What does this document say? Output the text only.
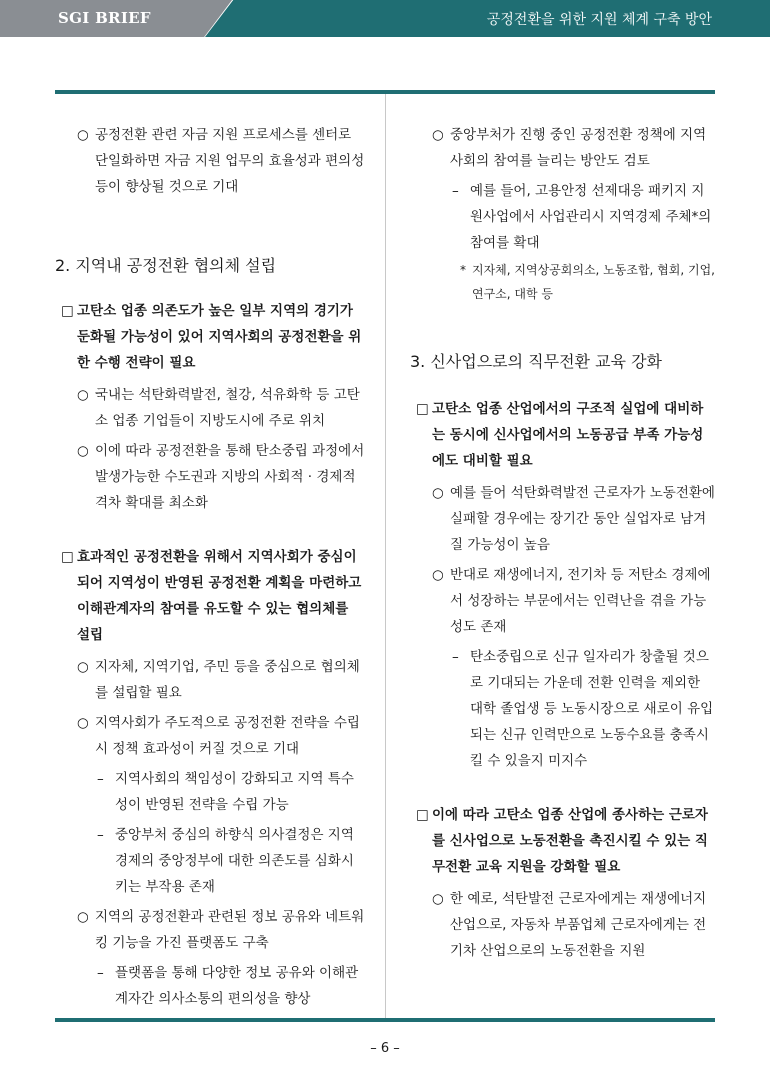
SGI BRIEF	공정전환을 위한 지원 체계 구축 방안
○ 공정전환 관련 자금 지원 프로세스를 센터로 단일화하면 자금 지원 업무의 효율성과 편의성 등이 향상될 것으로 기대
2. 지역내 공정전환 협의체 설립
□ 고탄소 업종 의존도가 높은 일부 지역의 경기가 둔화될 가능성이 있어 지역사회의 공정전환을 위한 수행 전략이 필요
○ 국내는 석탄화력발전, 철강, 석유화학 등 고탄소 업종 기업들이 지방도시에 주로 위치
○ 이에 따라 공정전환을 통해 탄소중립 과정에서 발생가능한 수도권과 지방의 사회적 · 경제적 격차 확대를 최소화
□ 효과적인 공정전환을 위해서 지역사회가 중심이 되어 지역성이 반영된 공정전환 계획을 마련하고 이해관계자의 참여를 유도할 수 있는 협의체를 설립
○ 지자체, 지역기업, 주민 등을 중심으로 협의체를 설립할 필요
○ 지역사회가 주도적으로 공정전환 전략을 수립시 정책 효과성이 커질 것으로 기대
– 지역사회의 책임성이 강화되고 지역 특수성이 반영된 전략을 수립 가능
– 중앙부처 중심의 하향식 의사결정은 지역경제의 중앙정부에 대한 의존도를 심화시키는 부작용 존재
○ 지역의 공정전환과 관련된 정보 공유와 네트워킹 기능을 가진 플랫폼도 구축
– 플랫폼을 통해 다양한 정보 공유와 이해관계자간 의사소통의 편의성을 향상
○ 중앙부처가 진행 중인 공정전환 정책에 지역사회의 참여를 늘리는 방안도 검토
– 예를 들어, 고용안정 선제대응 패키지 지원사업에서 사업관리시 지역경제 주체*의 참여를 확대
* 지자체, 지역상공회의소, 노동조합, 협회, 기업, 연구소, 대학 등
3. 신사업으로의 직무전환 교육 강화
□ 고탄소 업종 산업에서의 구조적 실업에 대비하는 동시에 신사업에서의 노동공급 부족 가능성에도 대비할 필요
○ 예를 들어 석탄화력발전 근로자가 노동전환에 실패할 경우에는 장기간 동안 실업자로 남겨질 가능성이 높음
○ 반대로 재생에너지, 전기차 등 저탄소 경제에서 성장하는 부문에서는 인력난을 겪을 가능성도 존재
– 탄소중립으로 신규 일자리가 창출될 것으로 기대되는 가운데 전환 인력을 제외한 대학 졸업생 등 노동시장으로 새로이 유입되는 신규 인력만으로 노동수요를 충족시킬 수 있을지 미지수
□ 이에 따라 고탄소 업종 산업에 종사하는 근로자를 신사업으로 노동전환을 촉진시킬 수 있는 직무전환 교육 지원을 강화할 필요
○ 한 예로, 석탄발전 근로자에게는 재생에너지 산업으로, 자동차 부품업체 근로자에게는 전기차 산업으로의 노동전환을 지원
– 6 –
